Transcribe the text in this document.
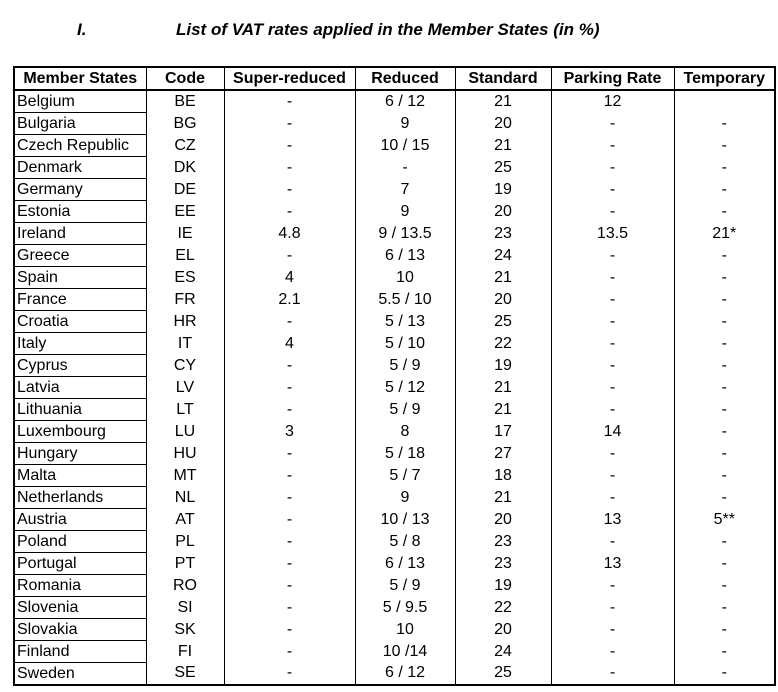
I.	List of VAT rates applied in the Member States (in %)
Member States	Code	Super-reduced	Reduced	Standard	Parking Rate	Temporary
Belgium	BE	-	6 / 12	21	12	
Bulgaria	BG	-	9	20	-	-
Czech Republic	CZ	-	10 / 15	21	-	-
Denmark	DK	-	-	25	-	-
Germany	DE	-	7	19	-	-
Estonia	EE	-	9	20	-	-
Ireland	IE	4.8	9 / 13.5	23	13.5	21*
Greece	EL	-	6 / 13	24	-	-
Spain	ES	4	10	21	-	-
France	FR	2.1	5.5 / 10	20	-	-
Croatia	HR	-	5 / 13	25	-	-
Italy	IT	4	5 / 10	22	-	-
Cyprus	CY	-	5 / 9	19	-	-
Latvia	LV	-	5 / 12	21	-	-
Lithuania	LT	-	5 / 9	21	-	-
Luxembourg	LU	3	8	17	14	-
Hungary	HU	-	5 / 18	27	-	-
Malta	MT	-	5 / 7	18	-	-
Netherlands	NL	-	9	21	-	-
Austria	AT	-	10 / 13	20	13	5**
Poland	PL	-	5 / 8	23	-	-
Portugal	PT	-	6 / 13	23	13	-
Romania	RO	-	5 / 9	19	-	-
Slovenia	SI	-	5 / 9.5	22	-	-
Slovakia	SK	-	10	20	-	-
Finland	FI	-	10 /14	24	-	-
Sweden	SE	-	6 / 12	25	-	-
